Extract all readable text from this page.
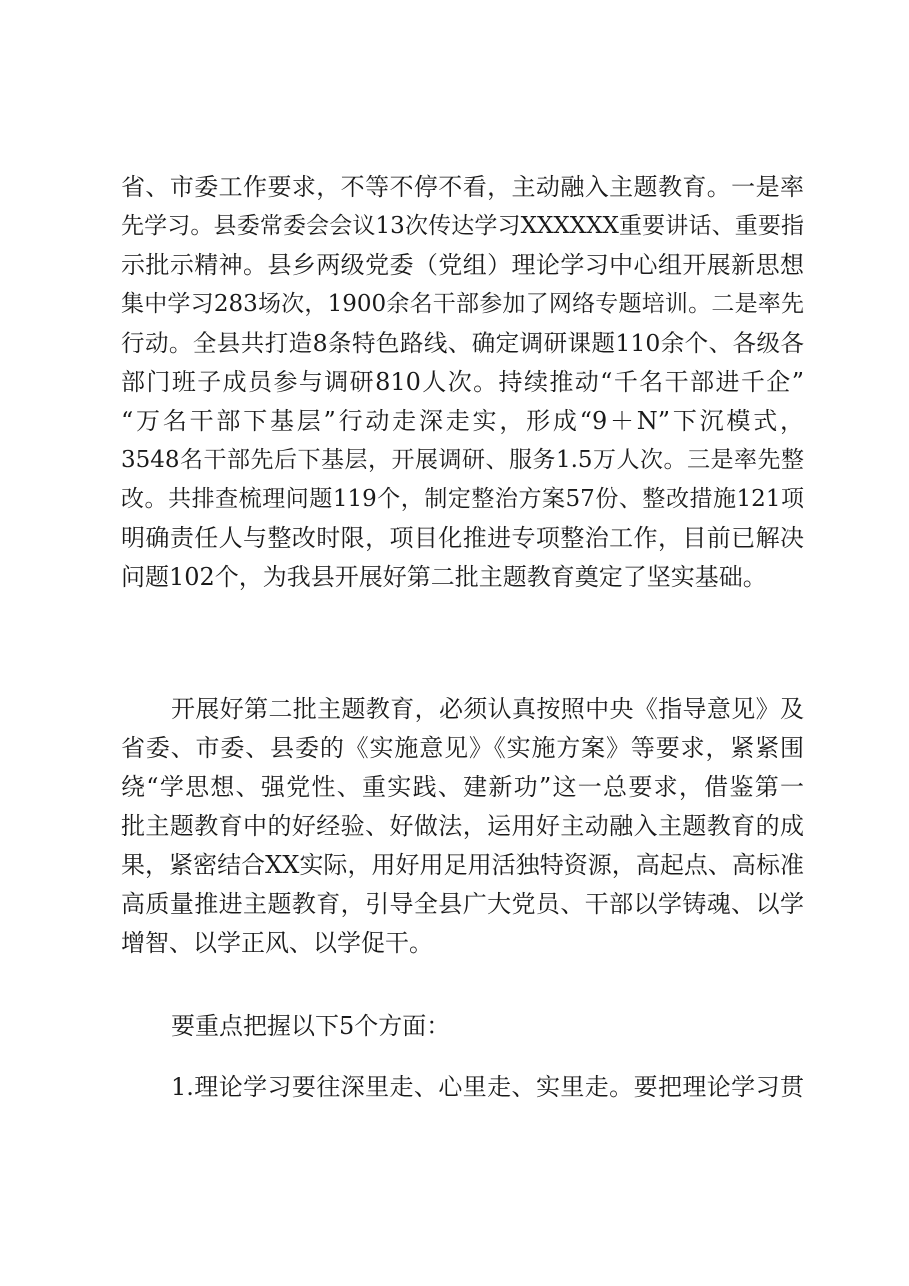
省、市委工作要求，不等不停不看，主动融入主题教育。一是率
先学习。县委常委会会议13次传达学习XXXXXX重要讲话、重要指
示批示精神。县乡两级党委（党组）理论学习中心组开展新思想
集中学习283场次，1900余名干部参加了网络专题培训。二是率先
行动。全县共打造8条特色路线、确定调研课题110余个、各级各
部门班子成员参与调研810人次。持续推动“千名干部进千企”
“万名干部下基层”行动走深走实，形成“9＋N”下沉模式，
3548名干部先后下基层，开展调研、服务1.5万人次。三是率先整
改。共排查梳理问题119个，制定整治方案57份、整改措施121项
明确责任人与整改时限，项目化推进专项整治工作，目前已解决
问题102个，为我县开展好第二批主题教育奠定了坚实基础。
开展好第二批主题教育，必须认真按照中央《指导意见》及
省委、市委、县委的《实施意见》《实施方案》等要求，紧紧围
绕“学思想、强党性、重实践、建新功”这一总要求，借鉴第一
批主题教育中的好经验、好做法，运用好主动融入主题教育的成
果，紧密结合XX实际，用好用足用活独特资源，高起点、高标准
高质量推进主题教育，引导全县广大党员、干部以学铸魂、以学
增智、以学正风、以学促干。
要重点把握以下5个方面：
1.理论学习要往深里走、心里走、实里走。要把理论学习贯
